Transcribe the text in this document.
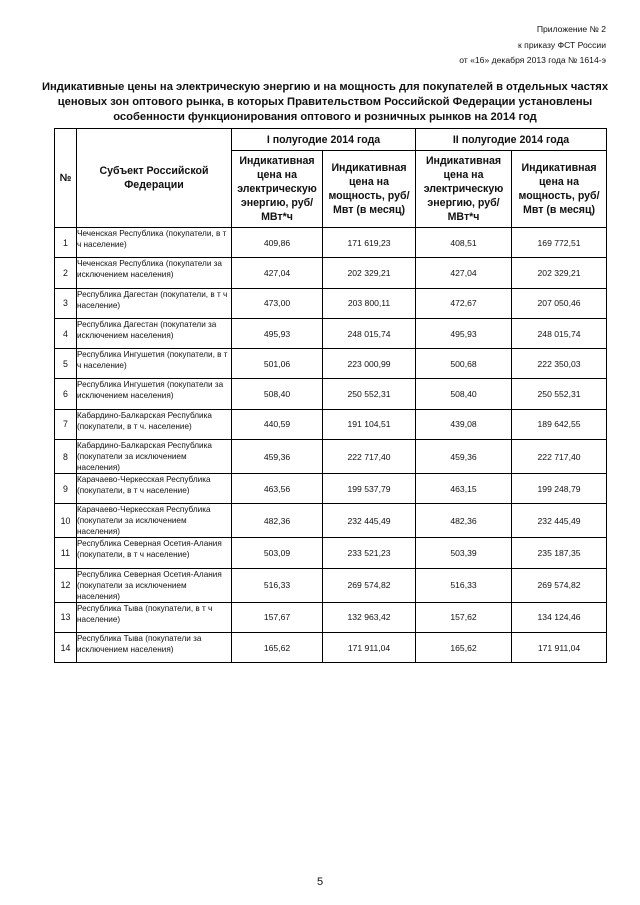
Приложение № 2
к приказу ФСТ России
от «16» декабря 2013 года № 1614-э
Индикативные цены на электрическую энергию и на мощность для покупателей в отдельных частях
ценовых зон оптового рынка, в которых Правительством Российской Федерации установлены
особенности функционирования оптового и розничных рынков на 2014 год
№	Субъект Российской Федерации	I полугодие 2014 года		II полугодие 2014 года	
		Индикативная цена на электрическую энергию, руб/МВт*ч	Индикативная цена на мощность, руб/Мвт (в месяц)	Индикативная цена на электрическую энергию, руб/МВт*ч	Индикативная цена на мощность, руб/Мвт (в месяц)
1	Чеченская Республика (покупатели, в т ч население)	409,86	171 619,23	408,51	169 772,51
2	Чеченская Республика (покупатели за исключением населения)	427,04	202 329,21	427,04	202 329,21
3	Республика Дагестан (покупатели, в т ч население)	473,00	203 800,11	472,67	207 050,46
4	Республика Дагестан (покупатели за исключением населения)	495,93	248 015,74	495,93	248 015,74
5	Республика Ингушетия (покупатели, в т ч население)	501,06	223 000,99	500,68	222 350,03
6	Республика Ингушетия (покупатели за исключением населения)	508,40	250 552,31	508,40	250 552,31
7	Кабардино-Балкарская Республика (покупатели, в т ч. население)	440,59	191 104,51	439,08	189 642,55
8	Кабардино-Балкарская Республика (покупатели за исключением населения)	459,36	222 717,40	459,36	222 717,40
9	Карачаево-Черкесская Республика (покупатели, в т ч население)	463,56	199 537,79	463,15	199 248,79
10	Карачаево-Черкесская Республика (покупатели за исключением населения)	482,36	232 445,49	482,36	232 445,49
11	Республика Северная Осетия-Алания (покупатели, в т ч население)	503,09	233 521,23	503,39	235 187,35
12	Республика Северная Осетия-Алания (покупатели за исключением населения)	516,33	269 574,82	516,33	269 574,82
13	Республика Тыва (покупатели, в т ч население)	157,67	132 963,42	157,62	134 124,46
14	Республика Тыва (покупатели за исключением населения)	165,62	171 911,04	165,62	171 911,04
5
